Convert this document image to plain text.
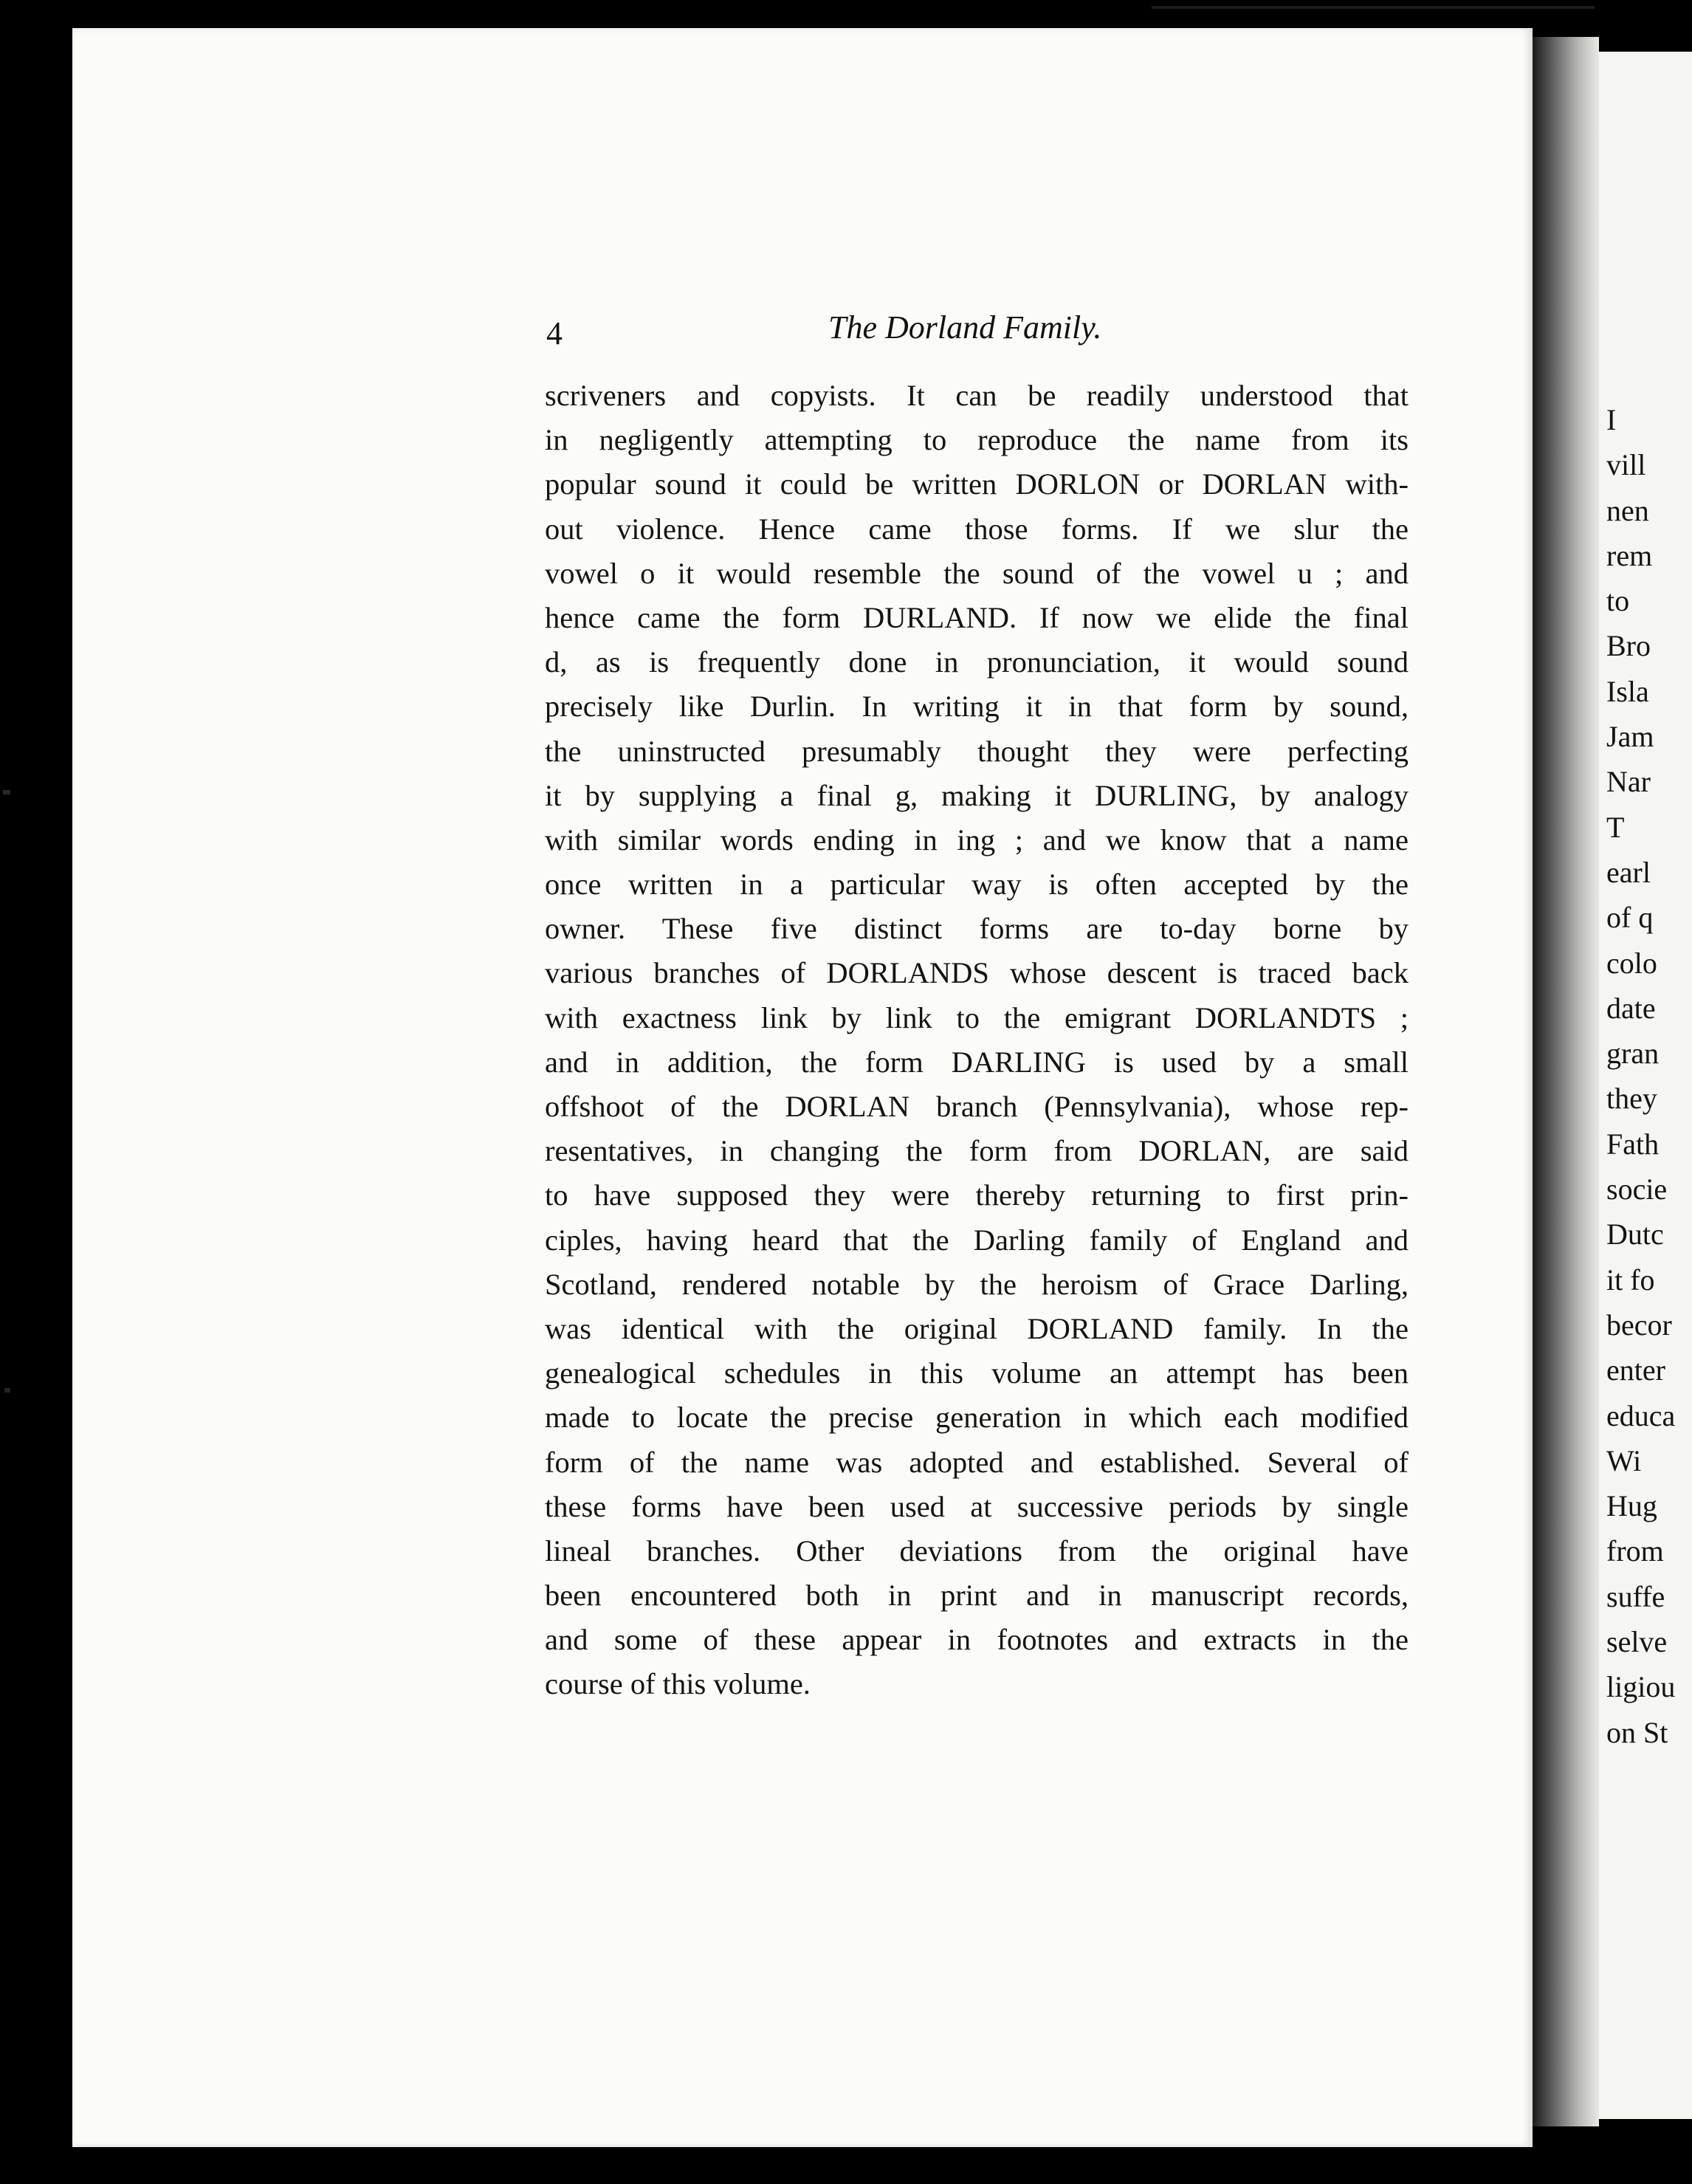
I
vill
nen
rem
to
Bro
Isla
Jam
Nar
T
earl
of q
colo
date
gran
they
Fath
socie
Dutc
it fo
becor
enter
educa
Wi
Hug
from
suffe
selve
ligiou
on St
4	The Dorland Family.
scriveners and copyists. It can be readily understood that
in negligently attempting to reproduce the name from its
popular sound it could be written DORLON or DORLAN with-
out violence. Hence came those forms. If we slur the
vowel o it would resemble the sound of the vowel u ; and
hence came the form DURLAND. If now we elide the final
d, as is frequently done in pronunciation, it would sound
precisely like Durlin. In writing it in that form by sound,
the uninstructed presumably thought they were perfecting
it by supplying a final g, making it DURLING, by analogy
with similar words ending in ing ; and we know that a name
once written in a particular way is often accepted by the
owner. These five distinct forms are to-day borne by
various branches of DORLANDS whose descent is traced back
with exactness link by link to the emigrant DORLANDTS ;
and in addition, the form DARLING is used by a small
offshoot of the DORLAN branch (Pennsylvania), whose rep-
resentatives, in changing the form from DORLAN, are said
to have supposed they were thereby returning to first prin-
ciples, having heard that the Darling family of England and
Scotland, rendered notable by the heroism of Grace Darling,
was identical with the original DORLAND family. In the
genealogical schedules in this volume an attempt has been
made to locate the precise generation in which each modified
form of the name was adopted and established. Several of
these forms have been used at successive periods by single
lineal branches. Other deviations from the original have
been encountered both in print and in manuscript records,
and some of these appear in footnotes and extracts in the
course of this volume.
